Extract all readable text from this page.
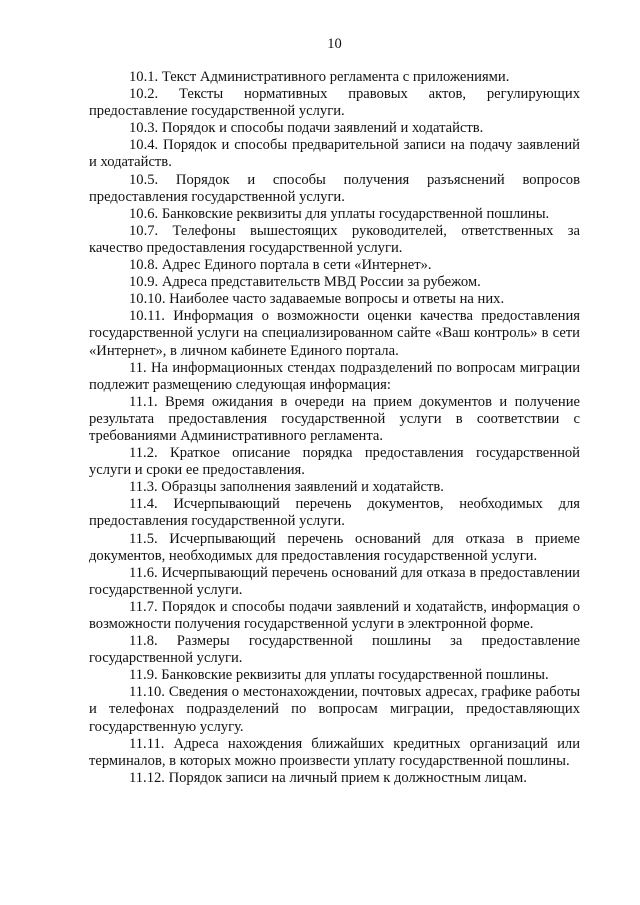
10

10.1. Текст Административного регламента с приложениями.

10.2. Тексты нормативных правовых актов, регулирующих предоставление государственной услуги.

10.3. Порядок и способы подачи заявлений и ходатайств.

10.4. Порядок и способы предварительной записи на подачу заявлений и ходатайств.

10.5. Порядок и способы получения разъяснений вопросов предоставления государственной услуги.

10.6. Банковские реквизиты для уплаты государственной пошлины.

10.7. Телефоны вышестоящих руководителей, ответственных за качество предоставления государственной услуги.

10.8. Адрес Единого портала в сети «Интернет».

10.9. Адреса представительств МВД России за рубежом.

10.10. Наиболее часто задаваемые вопросы и ответы на них.

10.11. Информация о возможности оценки качества предоставления государственной услуги на специализированном сайте «Ваш контроль» в сети «Интернет», в личном кабинете Единого портала.

11. На информационных стендах подразделений по вопросам миграции подлежит размещению следующая информация:

11.1. Время ожидания в очереди на прием документов и получение результата предоставления государственной услуги в соответствии с требованиями Административного регламента.

11.2. Краткое описание порядка предоставления государственной услуги и сроки ее предоставления.

11.3. Образцы заполнения заявлений и ходатайств.

11.4. Исчерпывающий перечень документов, необходимых для предоставления государственной услуги.

11.5. Исчерпывающий перечень оснований для отказа в приеме документов, необходимых для предоставления государственной услуги.

11.6. Исчерпывающий перечень оснований для отказа в предоставлении государственной услуги.

11.7. Порядок и способы подачи заявлений и ходатайств, информация о возможности получения государственной услуги в электронной форме.

11.8. Размеры государственной пошлины за предоставление государственной услуги.

11.9. Банковские реквизиты для уплаты государственной пошлины.

11.10. Сведения о местонахождении, почтовых адресах, графике работы и телефонах подразделений по вопросам миграции, предоставляющих государственную услугу.

11.11. Адреса нахождения ближайших кредитных организаций или терминалов, в которых можно произвести уплату государственной пошлины.

11.12. Порядок записи на личный прием к должностным лицам.
